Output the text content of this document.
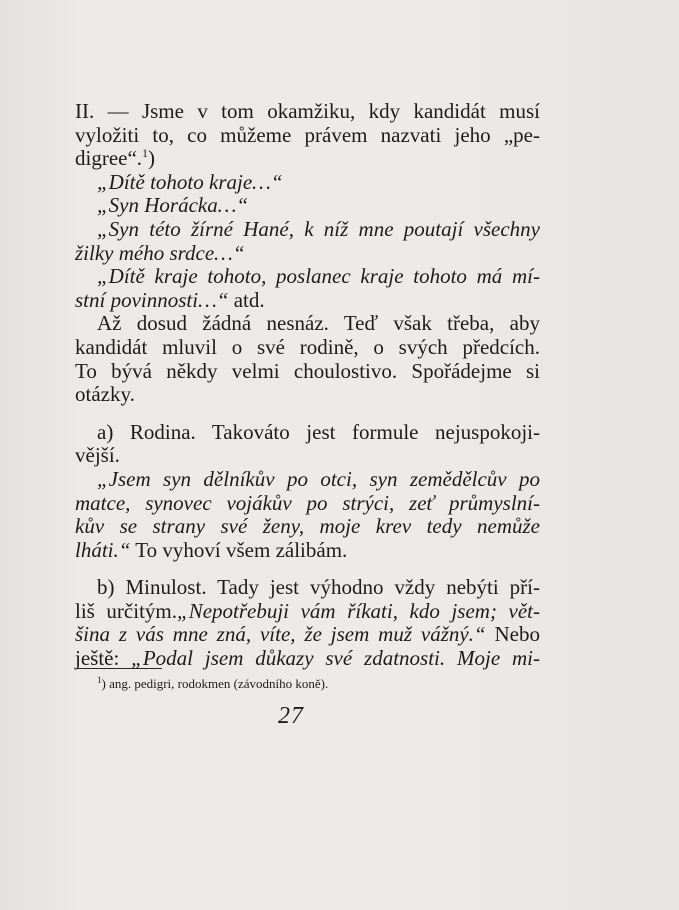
II. — Jsme v tom okamžiku, kdy kandidát musí
vyložiti to, co můžeme právem nazvati jeho „pe-
digree“.$^1$)
„Dítě tohoto kraje…“
„Syn Horácka…“
„Syn této žírné Hané, k níž mne poutají všechny
žilky mého srdce…“
„Dítě kraje tohoto, poslanec kraje tohoto má mí-
stní povinnosti…“ atd.
Až dosud žádná nesnáz. Teď však třeba, aby
kandidát mluvil o své rodině, o svých předcích.
To bývá někdy velmi choulostivo. Spořádejme si
otázky.
a) Rodina. Takováto jest formule nejuspokoji-
vější.
„Jsem syn dělníkův po otci, syn zemědělcův po
matce, synovec vojákův po strýci, zeť průmyslní-
kův se strany své ženy, moje krev tedy nemůže
lháti.“ To vyhoví všem zálibám.
b) Minulost. Tady jest výhodno vždy nebýti pří-
liš určitým.„Nepotřebuji vám říkati, kdo jsem; vět-
šina z vás mne zná, víte, že jsem muž vážný.“ Nebo
ještě: „Podal jsem důkazy své zdatnosti. Moje mi-
$^1$) ang. pedigri, rodokmen (závodního koně).
27
